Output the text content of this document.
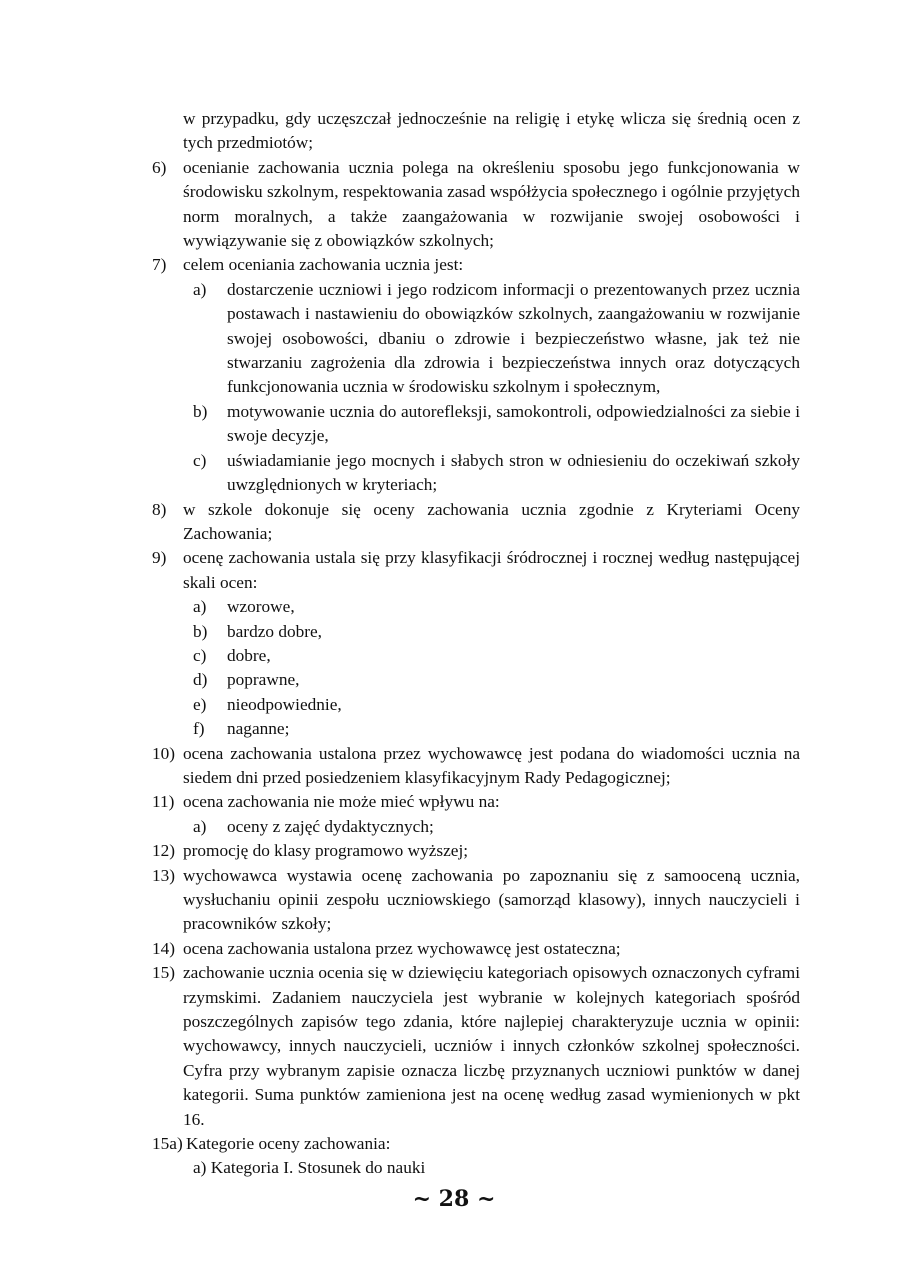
w przypadku, gdy uczęszczał jednocześnie na religię i etykę wlicza się średnią ocen z tych przedmiotów;
6) ocenianie zachowania ucznia polega na określeniu sposobu jego funkcjonowania w środowisku szkolnym, respektowania zasad współżycia społecznego i ogólnie przyjętych norm moralnych, a także zaangażowania w rozwijanie swojej osobowości i wywiązywanie się z obowiązków szkolnych;
7) celem oceniania zachowania ucznia jest:
a)	dostarczenie uczniowi i jego rodzicom informacji o prezentowanych przez ucznia postawach i nastawieniu do obowiązków szkolnych, zaangażowaniu w rozwijanie swojej osobowości, dbaniu o zdrowie i bezpieczeństwo własne, jak też nie stwarzaniu zagrożenia dla zdrowia i bezpieczeństwa innych oraz dotyczących funkcjonowania ucznia w środowisku szkolnym i społecznym,
b)	motywowanie ucznia do autorefleksji, samokontroli, odpowiedzialności za siebie i swoje decyzje,
c)	uświadamianie jego mocnych i słabych stron w odniesieniu do oczekiwań szkoły uwzględnionych w kryteriach;
8) w szkole dokonuje się oceny zachowania ucznia zgodnie z Kryteriami Oceny Zachowania;
9) ocenę zachowania ustala się przy klasyfikacji śródrocznej i rocznej według następującej skali ocen:
a)	wzorowe,
b)	bardzo dobre,
c)	dobre,
d)	poprawne,
e)	nieodpowiednie,
f)	naganne;
10) ocena zachowania ustalona przez wychowawcę jest podana do wiadomości ucznia na siedem dni przed posiedzeniem klasyfikacyjnym Rady Pedagogicznej;
11) ocena zachowania nie może mieć wpływu na:
a)	oceny z zajęć dydaktycznych;
12) promocję do klasy programowo wyższej;
13) wychowawca wystawia ocenę zachowania po zapoznaniu się z samooceną ucznia, wysłuchaniu opinii zespołu uczniowskiego (samorząd klasowy), innych nauczycieli i pracowników szkoły;
14) ocena zachowania ustalona przez wychowawcę jest ostateczna;
15) zachowanie ucznia ocenia się w dziewięciu kategoriach opisowych oznaczonych cyframi rzymskimi. Zadaniem nauczyciela jest wybranie w kolejnych kategoriach spośród poszczególnych zapisów tego zdania, które najlepiej charakteryzuje ucznia w opinii: wychowawcy, innych nauczycieli, uczniów i innych członków szkolnej społeczności. Cyfra przy wybranym zapisie oznacza liczbę przyznanych uczniowi punktów w danej kategorii. Suma punktów zamieniona jest na ocenę według zasad wymienionych w pkt 16.
15a) Kategorie oceny zachowania:
a) Kategoria I. Stosunek do nauki
~ 28 ~
